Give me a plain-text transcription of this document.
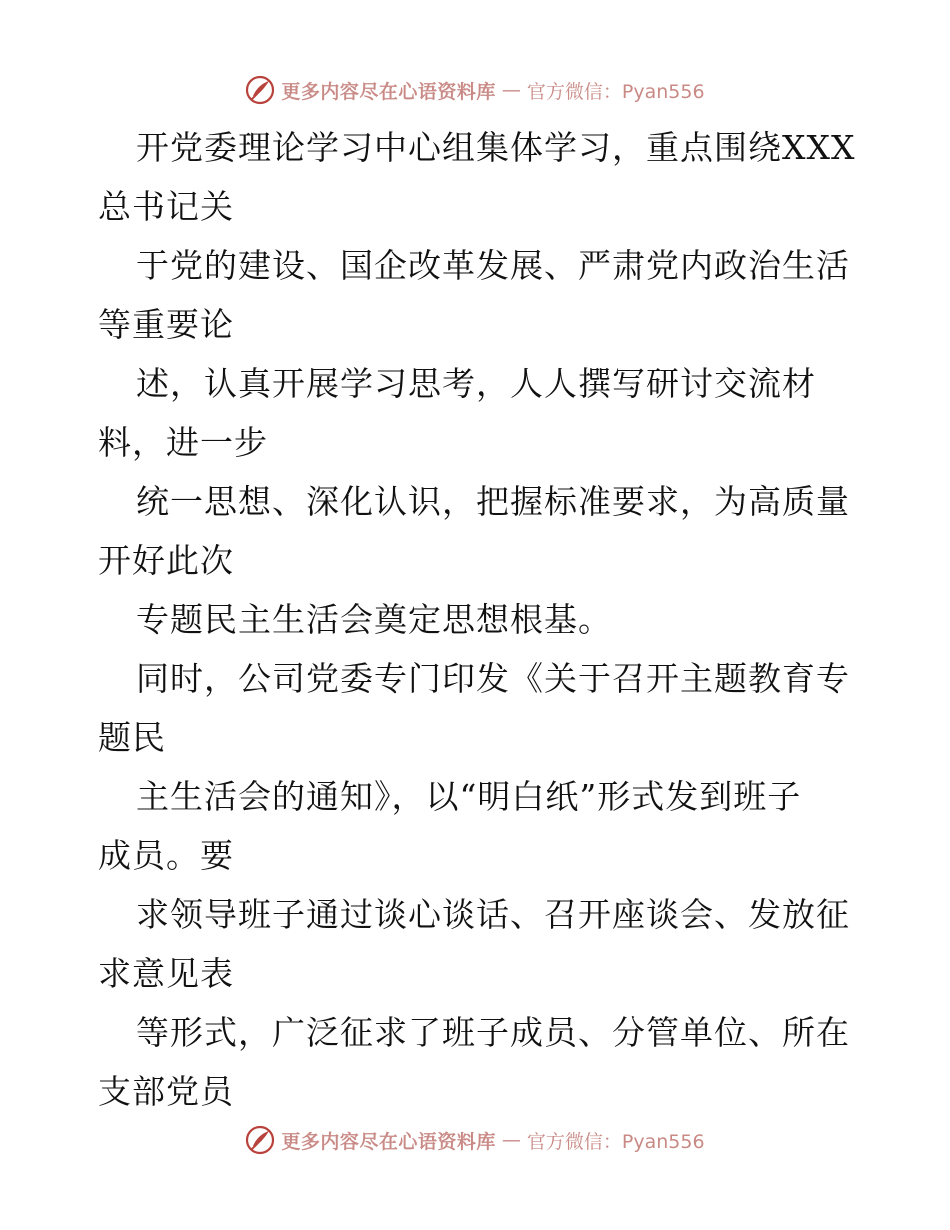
更多内容尽在心语资料库 — 官方微信：Pyan556
开党委理论学习中心组集体学习，重点围绕XXX
总书记关
于党的建设、国企改革发展、严肃党内政治生活
等重要论
述，认真开展学习思考，人人撰写研讨交流材
料，进一步
统一思想、深化认识，把握标准要求，为高质量
开好此次
专题民主生活会奠定思想根基。
同时，公司党委专门印发《关于召开主题教育专
题民
主生活会的通知》，以“明白纸”形式发到班子
成员。要
求领导班子通过谈心谈话、召开座谈会、发放征
求意见表
等形式，广泛征求了班子成员、分管单位、所在
支部党员
更多内容尽在心语资料库 — 官方微信：Pyan556
